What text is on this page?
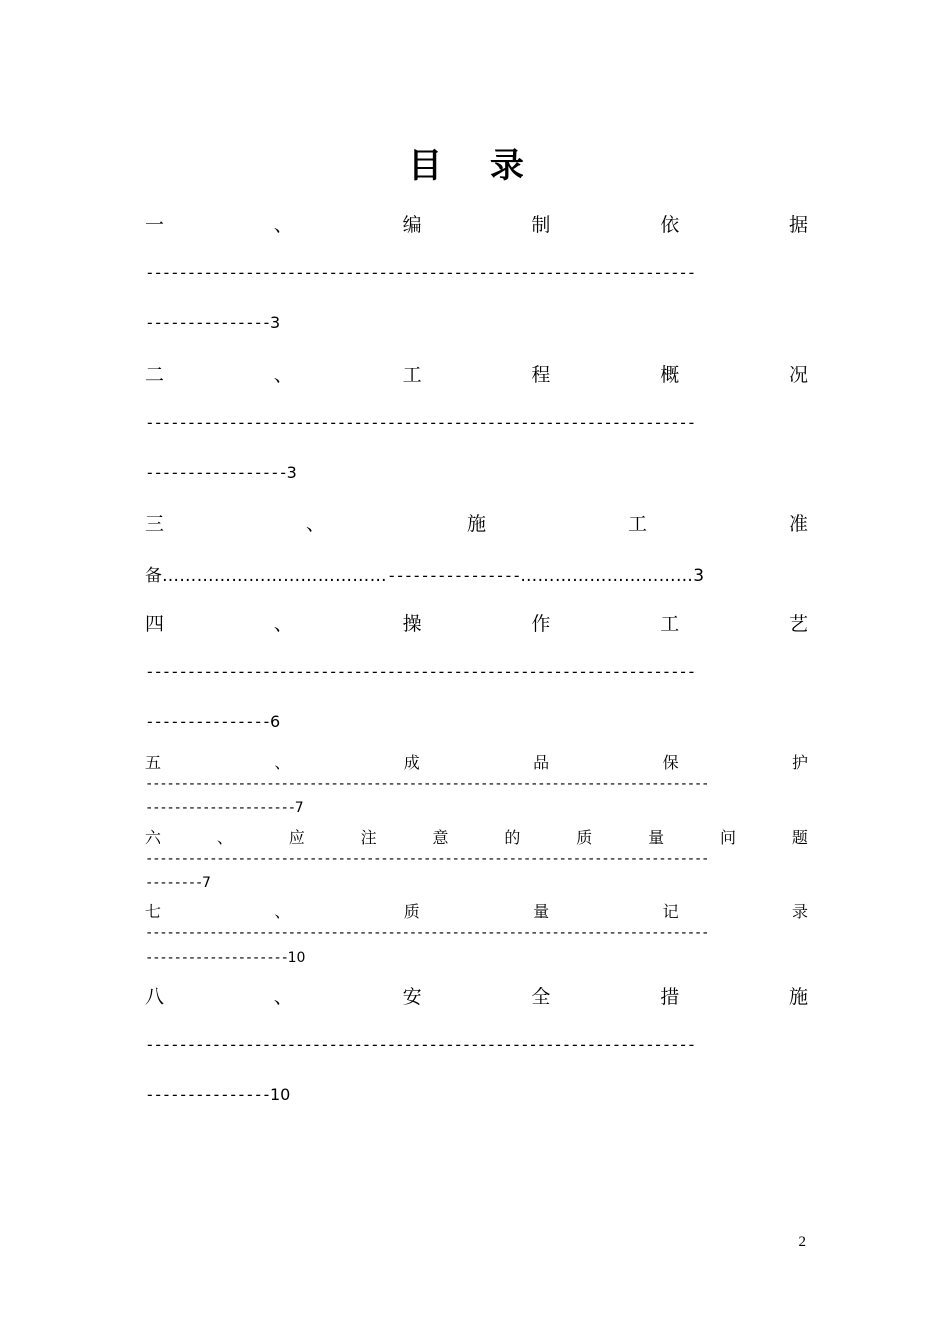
目 录
一	、	编	制	依	据
------------------------------------------------------------------
---------------3
二	、	工	程	概	况
------------------------------------------------------------------
-----------------3
三	、	施	工	准
备…………………………………----------------…………………………3
四	、	操	作	工	艺
------------------------------------------------------------------
---------------6
五	、	成	品	保	护
-------------------------------------------------------------------------------
---------------------7
六	、	应	注	意	的	质	量	问	题
-------------------------------------------------------------------------------
--------7
七	、	质	量	记	录
-------------------------------------------------------------------------------
--------------------10
八	、	安	全	措	施
------------------------------------------------------------------
---------------10
2
